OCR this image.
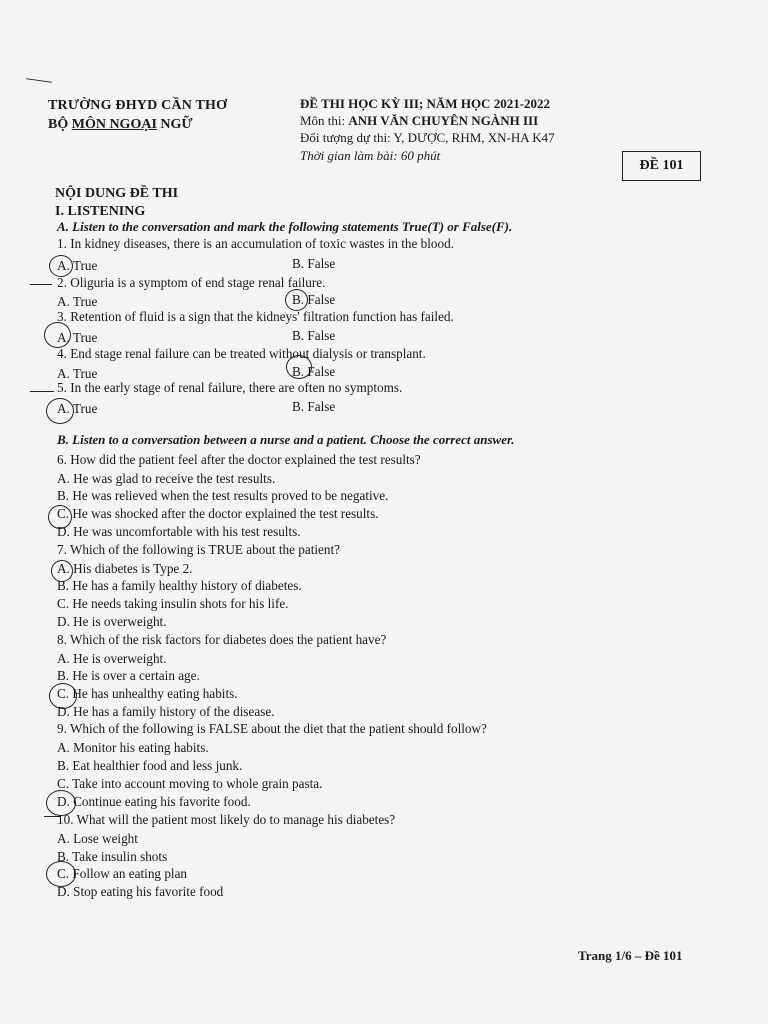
TRƯỜNG ĐHYD CẦN THƠ
BỘ MÔN NGOẠI NGỮ
ĐỀ THI HỌC KỲ III; NĂM HỌC 2021-2022
Môn thi: ANH VĂN CHUYÊN NGÀNH III
Đối tượng dự thi: Y, DƯỢC, RHM, XN-HA K47
Thời gian làm bài: 60 phút
ĐỀ 101
NỘI DUNG ĐỀ THI
I. LISTENING
A. Listen to the conversation and mark the following statements True(T) or False(F).
1. In kidney diseases, there is an accumulation of toxic wastes in the blood.
A. True	B. False
2. Oliguria is a symptom of end stage renal failure.
A. True	B. False
3. Retention of fluid is a sign that the kidneys' filtration function has failed.
A. True	B. False
4. End stage renal failure can be treated without dialysis or transplant.
A. True	B. False
5. In the early stage of renal failure, there are often no symptoms.
A. True	B. False
B. Listen to a conversation between a nurse and a patient. Choose the correct answer.
6. How did the patient feel after the doctor explained the test results?
A. He was glad to receive the test results.
B. He was relieved when the test results proved to be negative.
C. He was shocked after the doctor explained the test results.
D. He was uncomfortable with his test results.
7. Which of the following is TRUE about the patient?
A. His diabetes is Type 2.
B. He has a family healthy history of diabetes.
C. He needs taking insulin shots for his life.
D. He is overweight.
8. Which of the risk factors for diabetes does the patient have?
A. He is overweight.
B. He is over a certain age.
C. He has unhealthy eating habits.
D. He has a family history of the disease.
9. Which of the following is FALSE about the diet that the patient should follow?
A. Monitor his eating habits.
B. Eat healthier food and less junk.
C. Take into account moving to whole grain pasta.
D. Continue eating his favorite food.
10. What will the patient most likely do to manage his diabetes?
A. Lose weight
B. Take insulin shots
C. Follow an eating plan
D. Stop eating his favorite food
Trang 1/6 – Đề 101
